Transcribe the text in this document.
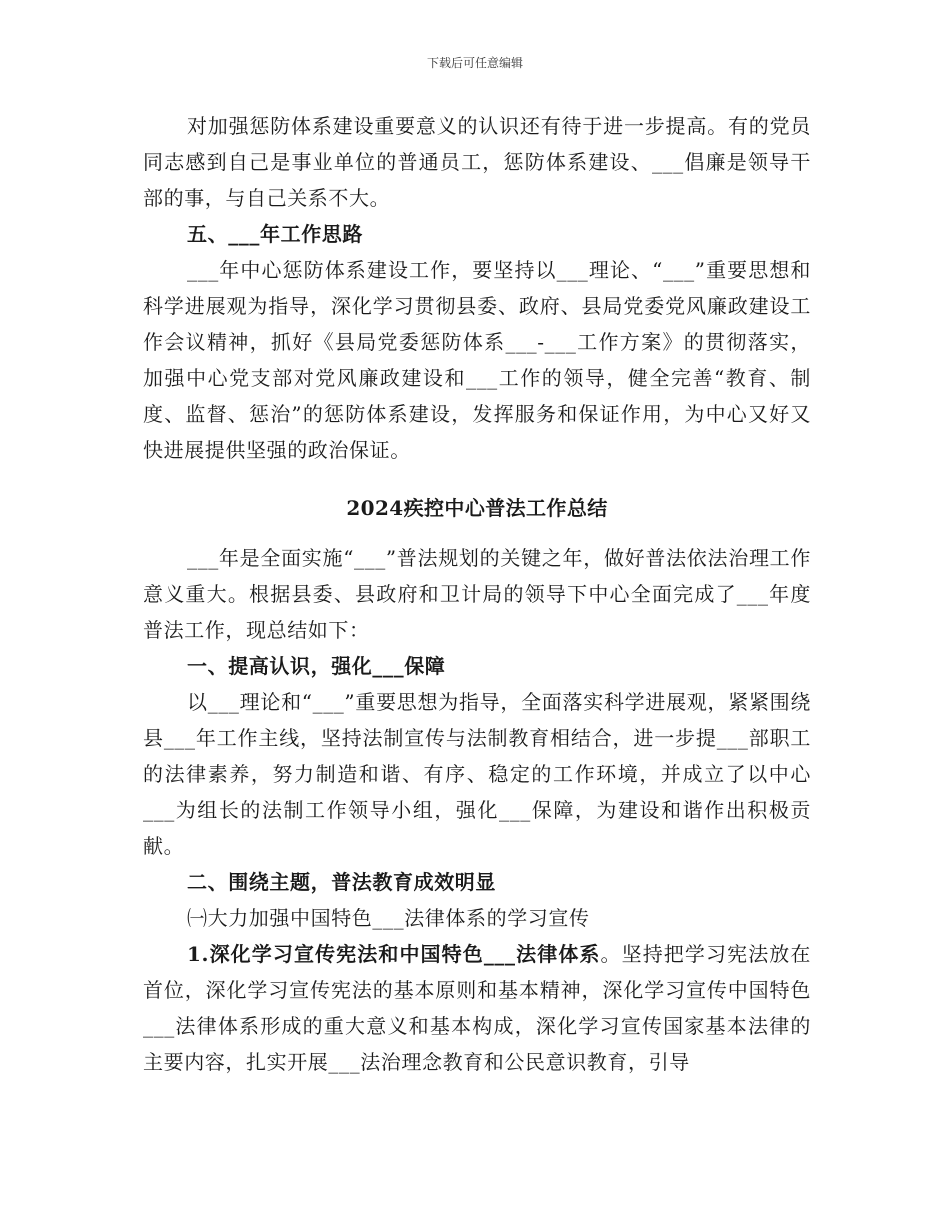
下载后可任意编辑

对加强惩防体系建设重要意义的认识还有待于进一步提高。有的党员同志感到自己是事业单位的普通员工，惩防体系建设、___倡廉是领导干部的事，与自己关系不大。

五、___年工作思路

___年中心惩防体系建设工作，要坚持以___理论、“___”重要思想和科学进展观为指导，深化学习贯彻县委、政府、县局党委党风廉政建设工作会议精神，抓好《县局党委惩防体系___-___工作方案》的贯彻落实，加强中心党支部对党风廉政建设和___工作的领导，健全完善“教育、制度、监督、惩治”的惩防体系建设，发挥服务和保证作用，为中心又好又快进展提供坚强的政治保证。

2024疾控中心普法工作总结

___年是全面实施“___”普法规划的关键之年，做好普法依法治理工作意义重大。根据县委、县政府和卫计局的领导下中心全面完成了___年度普法工作，现总结如下：

一、提高认识，强化___保障

以___理论和“___”重要思想为指导，全面落实科学进展观，紧紧围绕县___年工作主线，坚持法制宣传与法制教育相结合，进一步提___部职工的法律素养，努力制造和谐、有序、稳定的工作环境，并成立了以中心___为组长的法制工作领导小组，强化___保障，为建设和谐作出积极贡献。

二、围绕主题，普法教育成效明显

㈠大力加强中国特色___法律体系的学习宣传

1.深化学习宣传宪法和中国特色___法律体系。坚持把学习宪法放在首位，深化学习宣传宪法的基本原则和基本精神，深化学习宣传中国特色___法律体系形成的重大意义和基本构成，深化学习宣传国家基本法律的主要内容，扎实开展___法治理念教育和公民意识教育，引导
